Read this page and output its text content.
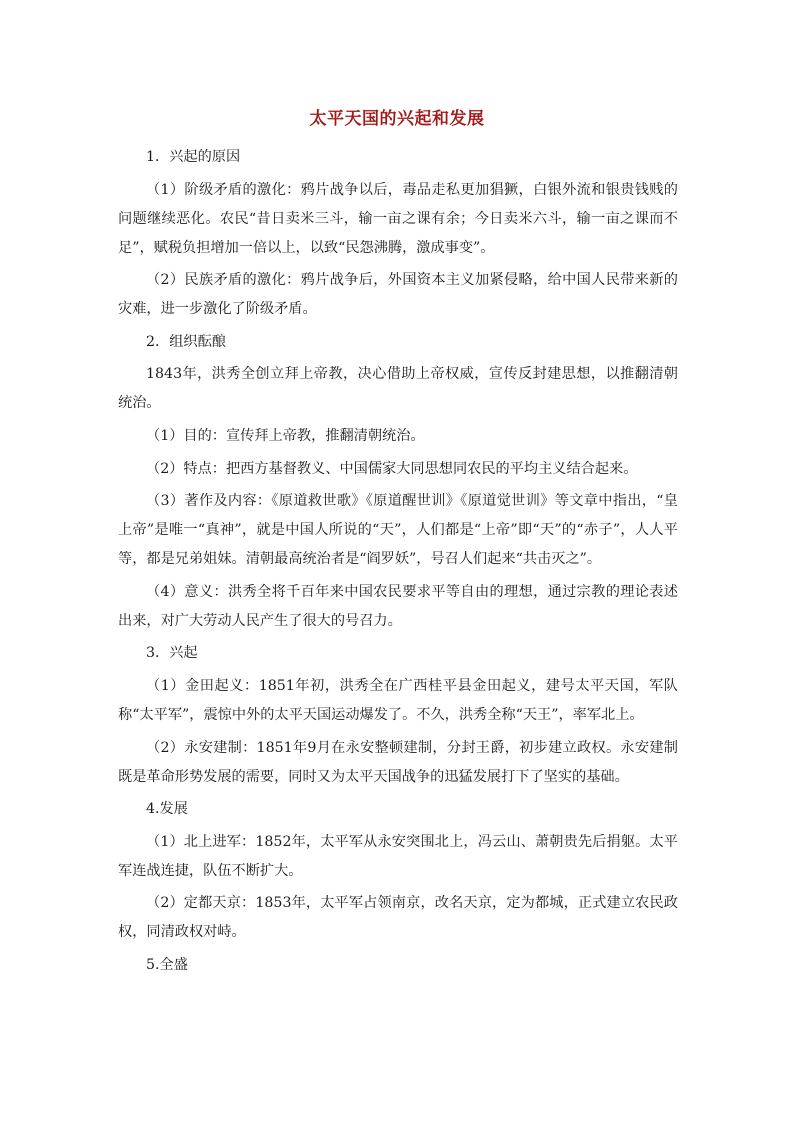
太平天国的兴起和发展

1．兴起的原因

（1）阶级矛盾的激化：鸦片战争以后，毒品走私更加猖獗，白银外流和银贵钱贱的问题继续恶化。农民“昔日卖米三斗，输一亩之课有余；今日卖米六斗，输一亩之课而不足”，赋税负担增加一倍以上，以致“民怨沸腾，激成事变”。

（2）民族矛盾的激化：鸦片战争后，外国资本主义加紧侵略，给中国人民带来新的灾难，进一步激化了阶级矛盾。

2．组织酝酿

1843年，洪秀全创立拜上帝教，决心借助上帝权威，宣传反封建思想，以推翻清朝统治。

（1）目的：宣传拜上帝教，推翻清朝统治。

（2）特点：把西方基督教义、中国儒家大同思想同农民的平均主义结合起来。

（3）著作及内容：《原道救世歌》《原道醒世训》《原道觉世训》等文章中指出，“皇上帝”是唯一“真神”，就是中国人所说的“天”，人们都是“上帝”即“天”的“赤子”，人人平等，都是兄弟姐妹。清朝最高统治者是“阎罗妖”，号召人们起来“共击灭之”。

（4）意义：洪秀全将千百年来中国农民要求平等自由的理想，通过宗教的理论表述出来，对广大劳动人民产生了很大的号召力。

3．兴起

（1）金田起义：1851年初，洪秀全在广西桂平县金田起义，建号太平天国，军队称“太平军”，震惊中外的太平天国运动爆发了。不久，洪秀全称“天王”，率军北上。

（2）永安建制：1851年9月在永安整顿建制，分封王爵，初步建立政权。永安建制既是革命形势发展的需要，同时又为太平天国战争的迅猛发展打下了坚实的基础。

4.发展

（1）北上进军：1852年，太平军从永安突围北上，冯云山、萧朝贵先后捐躯。太平军连战连捷，队伍不断扩大。

（2）定都天京：1853年，太平军占领南京，改名天京，定为都城，正式建立农民政权，同清政权对峙。

5.全盛
